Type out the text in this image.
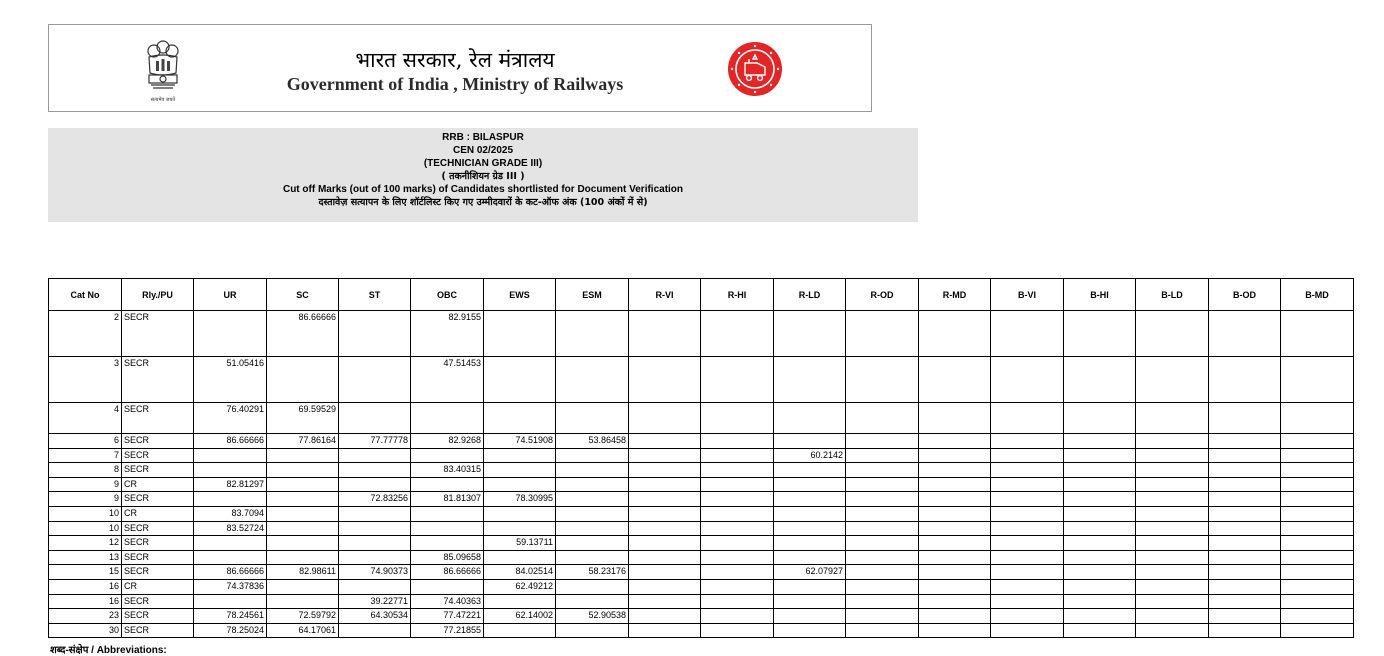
सत्यमेव जयते
भारत सरकार, रेल मंत्रालय
Government of India , Ministry of Railways
RRB : BILASPUR
CEN 02/2025
(TECHNICIAN GRADE III)
( तकनीशियन ग्रेड III )
Cut off Marks (out of 100 marks) of Candidates shortlisted for Document Verification
दस्तावेज़ सत्यापन के लिए शॉर्टलिस्ट किए गए उम्मीदवारों के कट-ऑफ अंक (100 अंकों में से)
Cat No	Rly./PU	UR	SC	ST	OBC	EWS	ESM	R-VI	R-HI	R-LD	R-OD	R-MD	B-VI	B-HI	B-LD	B-OD	B-MD
2	SECR		86.66666		82.9155												
3	SECR	51.05416			47.51453												
4	SECR	76.40291	69.59529														
6	SECR	86.66666	77.86164	77.77778	82.9268	74.51908	53.86458										
7	SECR									60.2142							
8	SECR				83.40315												
9	CR	82.81297															
9	SECR			72.83256	81.81307	78.30995											
10	CR	83.7094															
10	SECR	83.52724															
12	SECR					59.13711											
13	SECR				85.09658												
15	SECR	86.66666	82.98611	74.90373	86.66666	84.02514	58.23176			62.07927							
16	CR	74.37836				62.49212											
16	SECR			39.22771	74.40363												
23	SECR	78.24561	72.59792	64.30534	77.47221	62.14002	52.90538										
30	SECR	78.25024	64.17061		77.21855												
शब्द-संक्षेप / Abbreviations:
